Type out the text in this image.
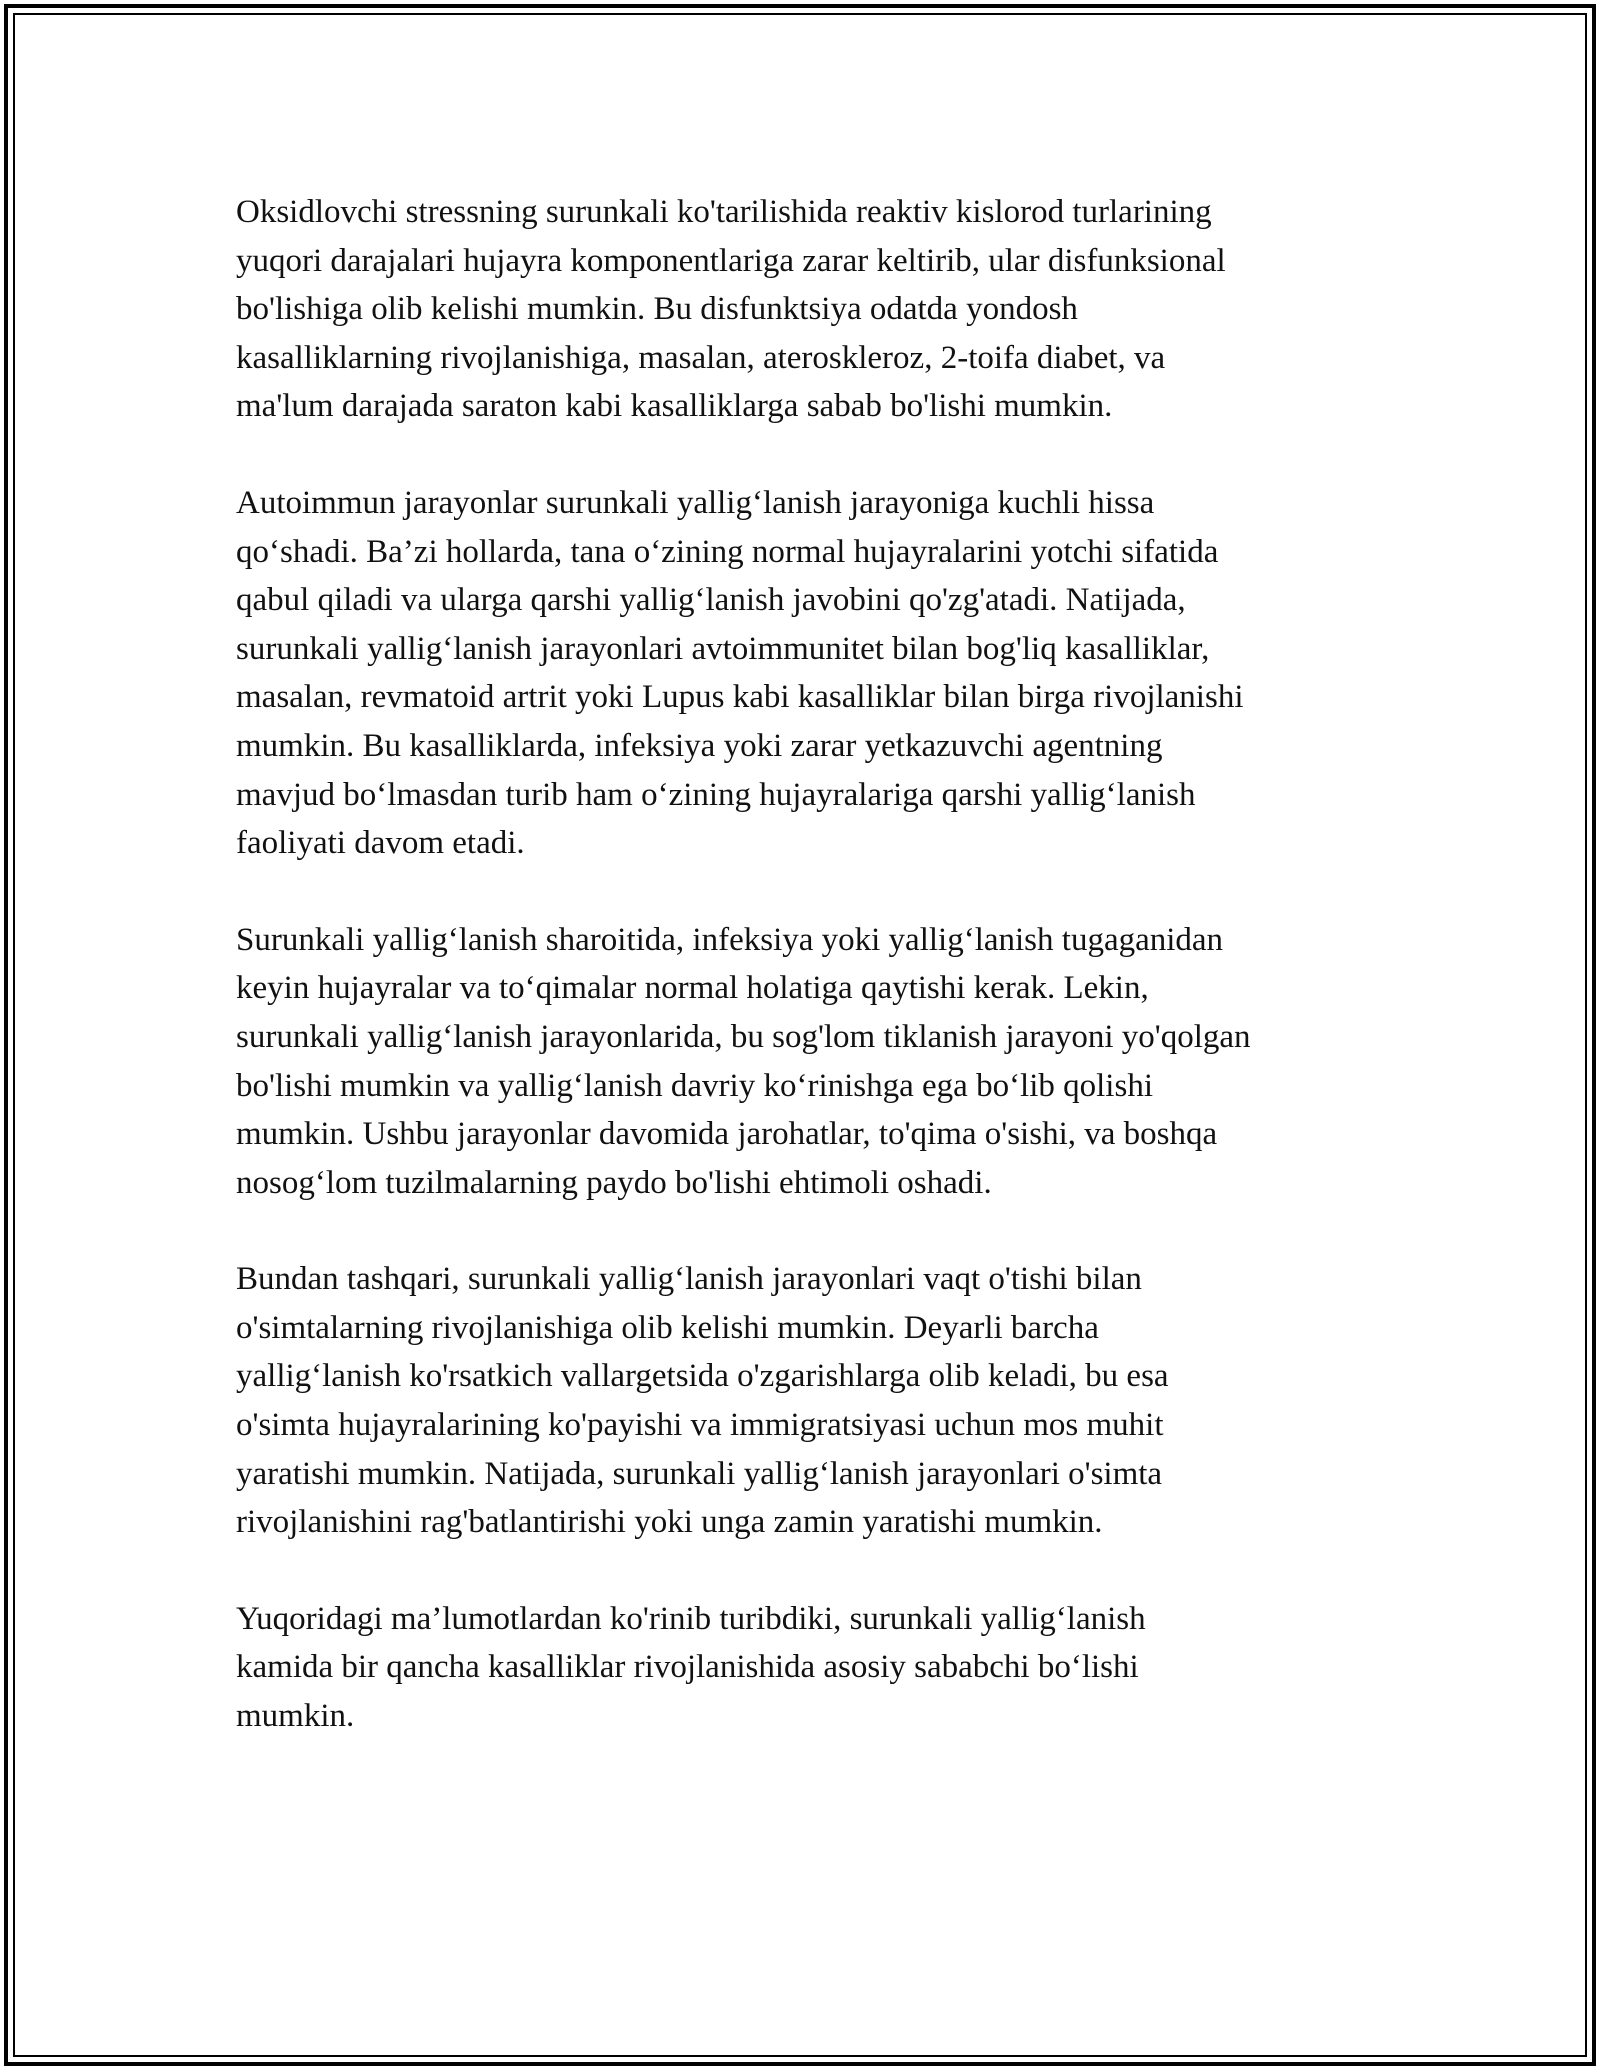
Oksidlovchi stressning surunkali ko'tarilishida reaktiv kislorod turlarining
yuqori darajalari hujayra komponentlariga zarar keltirib, ular disfunksional
bo'lishiga olib kelishi mumkin. Bu disfunktsiya odatda yondosh
kasalliklarning rivojlanishiga, masalan, ateroskleroz, 2-toifa diabet, va
ma'lum darajada saraton kabi kasalliklarga sabab bo'lishi mumkin.
Autoimmun jarayonlar surunkali yallig‘lanish jarayoniga kuchli hissa
qo‘shadi. Ba’zi hollarda, tana o‘zining normal hujayralarini yotchi sifatida
qabul qiladi va ularga qarshi yallig‘lanish javobini qo'zg'atadi. Natijada,
surunkali yallig‘lanish jarayonlari avtoimmunitet bilan bog'liq kasalliklar,
masalan, revmatoid artrit yoki Lupus kabi kasalliklar bilan birga rivojlanishi
mumkin. Bu kasalliklarda, infeksiya yoki zarar yetkazuvchi agentning
mavjud bo‘lmasdan turib ham o‘zining hujayralariga qarshi yallig‘lanish
faoliyati davom etadi.
Surunkali yallig‘lanish sharoitida, infeksiya yoki yallig‘lanish tugaganidan
keyin hujayralar va to‘qimalar normal holatiga qaytishi kerak. Lekin,
surunkali yallig‘lanish jarayonlarida, bu sog'lom tiklanish jarayoni yo'qolgan
bo'lishi mumkin va yallig‘lanish davriy ko‘rinishga ega bo‘lib qolishi
mumkin. Ushbu jarayonlar davomida jarohatlar, to'qima o'sishi, va boshqa
nosog‘lom tuzilmalarning paydo bo'lishi ehtimoli oshadi.
Bundan tashqari, surunkali yallig‘lanish jarayonlari vaqt o'tishi bilan
o'simtalarning rivojlanishiga olib kelishi mumkin. Deyarli barcha
yallig‘lanish ko'rsatkich vallargetsida o'zgarishlarga olib keladi, bu esa
o'simta hujayralarining ko'payishi va immigratsiyasi uchun mos muhit
yaratishi mumkin. Natijada, surunkali yallig‘lanish jarayonlari o'simta
rivojlanishini rag'batlantirishi yoki unga zamin yaratishi mumkin.
Yuqoridagi ma’lumotlardan ko'rinib turibdiki, surunkali yallig‘lanish
kamida bir qancha kasalliklar rivojlanishida asosiy sababchi bo‘lishi
mumkin.
